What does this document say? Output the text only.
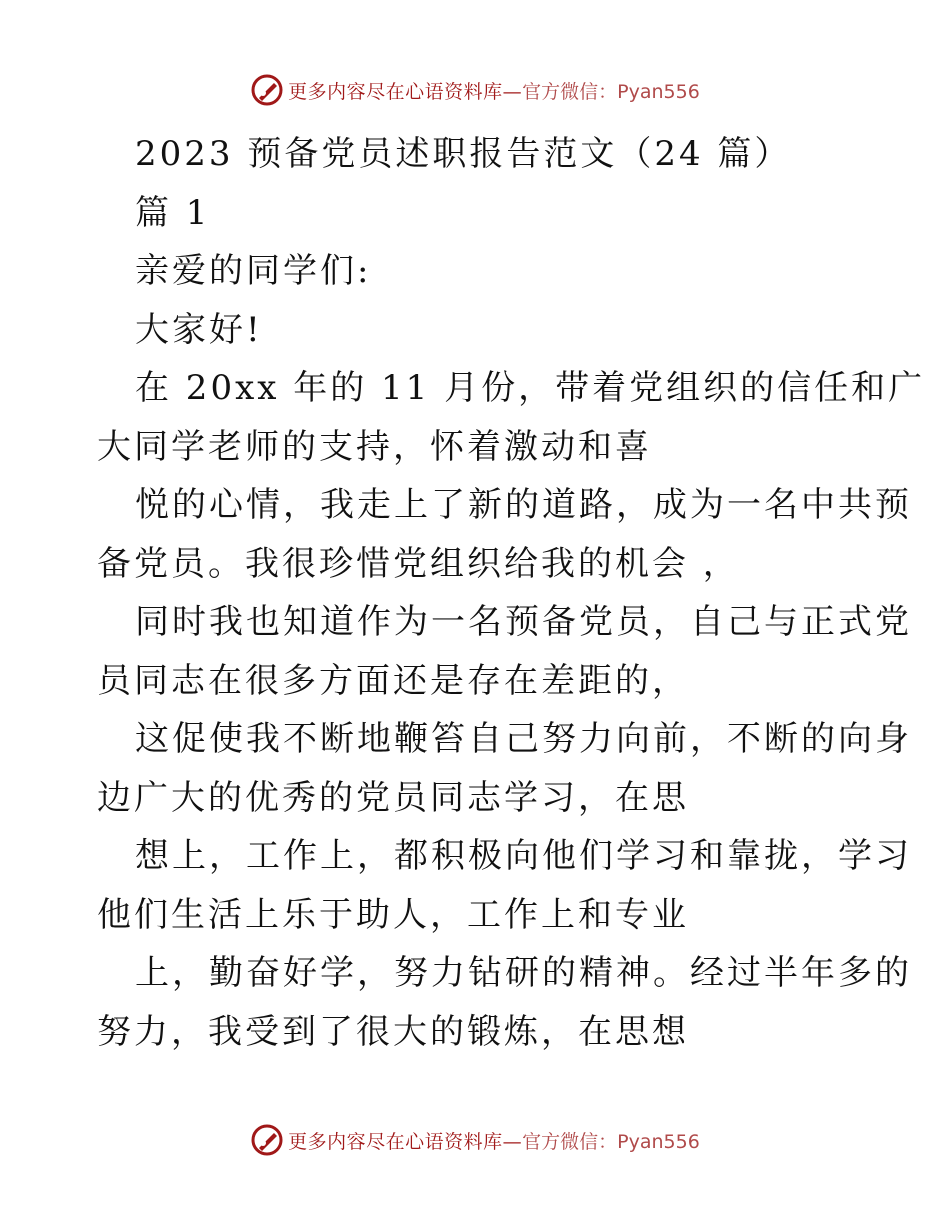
更多内容尽在心语资料库— 官方微信：Pyan556
2023 预备党员述职报告范文（24 篇）
篇 1
亲爱的同学们:
大家好!
在 20xx 年的 11 月份，带着党组织的信任和广
大同学老师的支持，怀着激动和喜
悦的心情，我走上了新的道路，成为一名中共预
备党员。我很珍惜党组织给我的机会 ，
同时我也知道作为一名预备党员，自己与正式党
员同志在很多方面还是存在差距的，
这促使我不断地鞭笞自己努力向前，不断的向身
边广大的优秀的党员同志学习，在思
想上，工作上，都积极向他们学习和靠拢，学习
他们生活上乐于助人，工作上和专业
上，勤奋好学，努力钻研的精神。经过半年多的
努力，我受到了很大的锻炼，在思想
更多内容尽在心语资料库— 官方微信：Pyan556
